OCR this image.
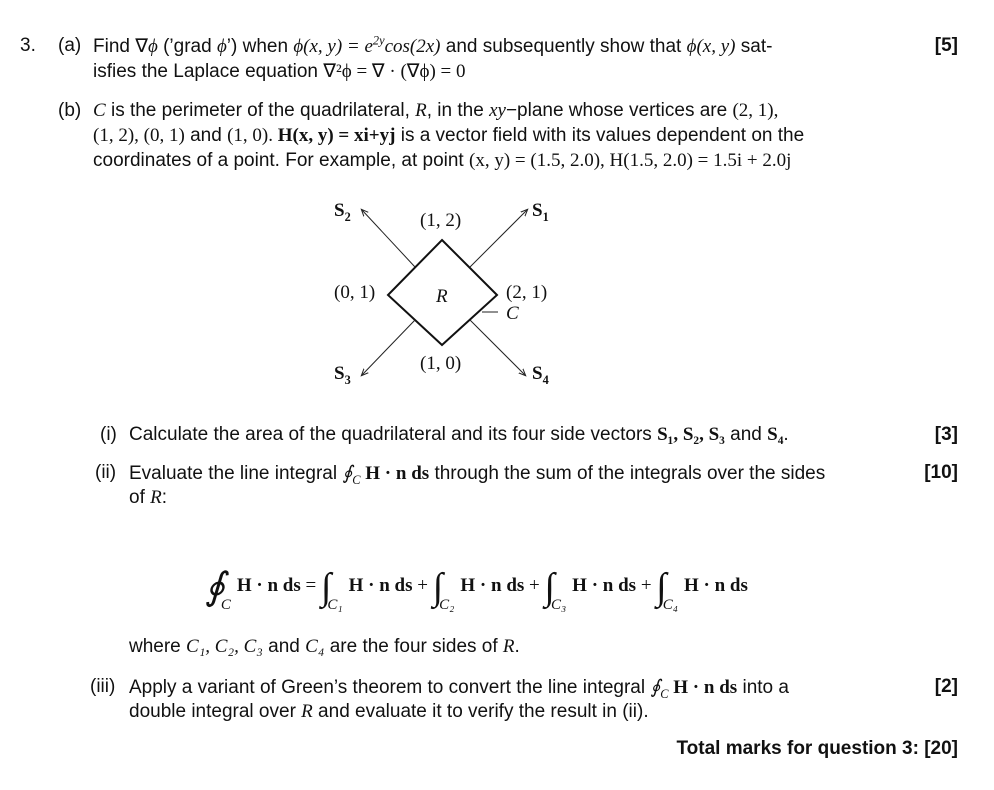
3. (a) Find ∇ϕ (’grad ϕ’) when ϕ(x, $y) = e^{2y}\cos(2x)$ and subsequently show that ϕ(x, y) sat-
isfies the Laplace equation ∇²ϕ = ∇ · (∇ϕ) = 0
[5]
(b) C is the perimeter of the quadrilateral, R, in the xy−plane whose vertices are (2, 1),
(1, 2), (0, 1) and (1, 0). H(x, y) = xi+yj is a vector field with its values dependent on the
coordinates of a point. For example, at point (x, y) = (1.5, 2.0), H(1.5, 2.0) = 1.5i + 2.0j
$S_2$	$S_1$
(1, 2)
(0, 1)	R	(2, 1)
C
(1, 0)
$S_3$	$S_4$
(i) Calculate the area of the quadrilateral and its four side vectors S₁, S₂, S₃ and S₄.	[3]
(ii) Evaluate the line integral $∮_C$ H · n ds through the sum of the integrals over the sides
of R:
[10]
$∮_CH \cdot n$ ds = $\int_{C_1}H \cdot n$ ds + $\int_{C_2}H \cdot n$ ds + $\int_{C_3}H \cdot n$ ds + $\int_{C_4}H \cdot n$ ds
where C₁, C₂, C₃ and C₄ are the four sides of R.
(iii) Apply a variant of Green’s theorem to convert the line integral $∮_C$ H · n ds into a
double integral over R and evaluate it to verify the result in (ii).
[2]
Total marks for question 3: [20]
